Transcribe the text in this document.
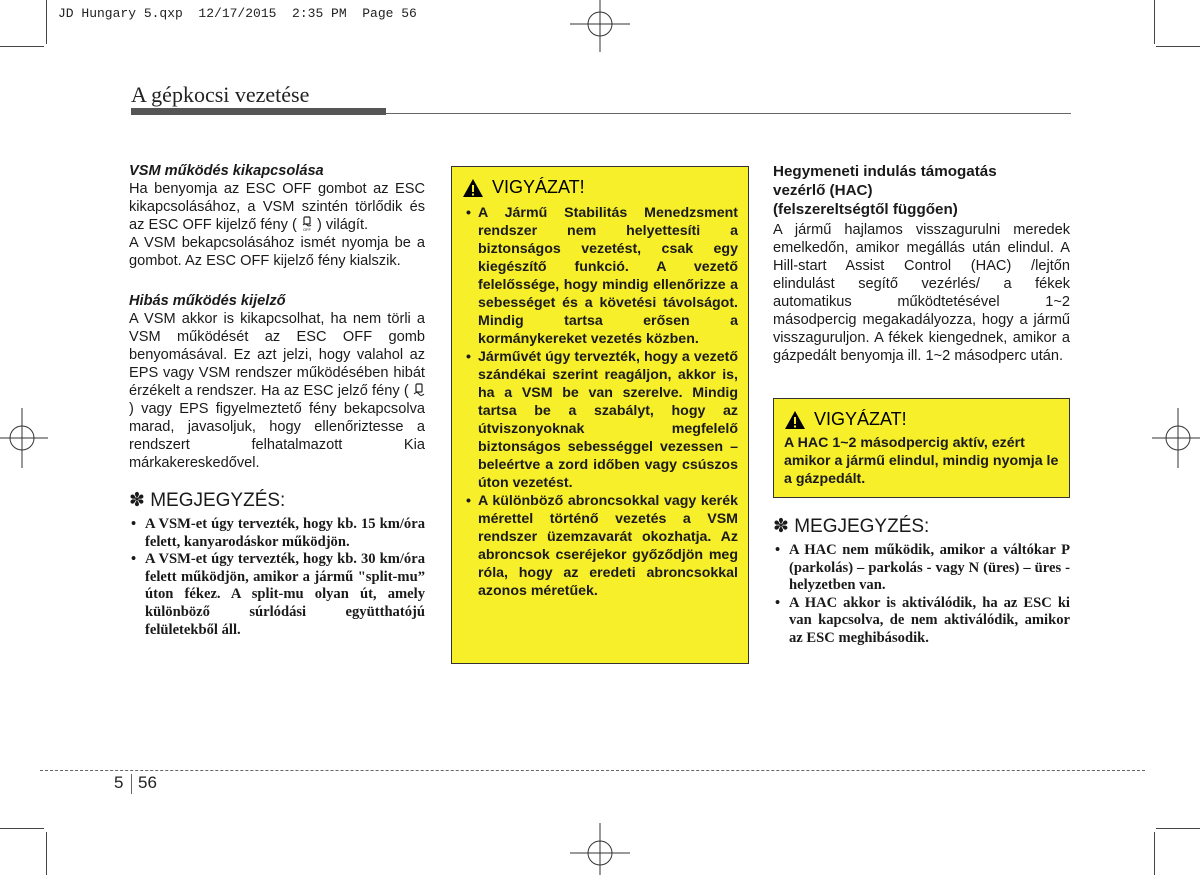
JD Hungary 5.qxp  12/17/2015  2:35 PM  Page 56
A gépkocsi vezetése

VSM működés kikapcsolása

Ha benyomja az ESC OFF gombot az ESC kikapcsolásához, a VSM szintén törlődik és az ESC OFF kijelző fény ( OFF ) világít.

A VSM bekapcsolásához ismét nyomja be a gombot. Az ESC OFF kijelző fény kialszik.

Hibás működés kijelző

A VSM akkor is kikapcsolhat, ha nem törli a VSM működését az ESC OFF gomb benyomásával. Ez azt jelzi, hogy valahol az EPS vagy VSM rendszer működésében hibát érzékelt a rendszer. Ha az ESC jelző fény (  ) vagy EPS figyelmeztető fény bekapcsolva marad, javasoljuk, hogy ellenőriztesse a rendszert felhatalmazott Kia márkakereskedővel.

✽ MEGJEGYZÉS:

• A VSM-et úgy tervezték, hogy kb. 15 km/óra felett, kanyarodáskor működjön.
• A VSM-et úgy tervezték, hogy kb. 30 km/óra felett működjön, amikor a jármű "split-mu” úton fékez. A split-mu olyan út, amely különböző súrlódási együtthatójú felületekből áll.
VIGYÁZAT!
• A Jármű Stabilitás Menedzsment rendszer nem helyettesíti a biztonságos vezetést, csak egy kiegészítő funkció. A vezető felelőssége, hogy mindig ellenőrizze a sebességet és a követési távolságot. Mindig tartsa erősen a kormánykereket vezetés közben.
• Járművét úgy tervezték, hogy a vezető szándékai szerint reagáljon, akkor is, ha a VSM be van szerelve. Mindig tartsa be a szabályt, hogy az útviszonyoknak megfelelő biztonságos sebességgel vezessen – beleértve a zord időben vagy csúszos úton vezetést.
• A különböző abroncsokkal vagy kerék mérettel történő vezetés a VSM rendszer üzemzavarát okozhatja. Az abroncsok cseréjekor győződjön meg róla, hogy az eredeti abroncsokkal azonos méretűek.

Hegymeneti indulás támogatás
vezérlő (HAC)
(felszereltségtől függően)

A jármű hajlamos visszagurulni meredek emelkedőn, amikor megállás után elindul. A Hill-start Assist Control (HAC) /lejtőn elindulást segítő vezérlés/ a fékek automatikus működtetésével 1~2 másodpercig megakadályozza, hogy a jármű visszaguruljon. A fékek kiengednek, amikor a gázpedált benyomja ill. 1~2 másodperc után.

VIGYÁZAT!

A HAC 1~2 másodpercig aktív, ezért amikor a jármű elindul, mindig nyomja le a gázpedált.

✽ MEGJEGYZÉS:

• A HAC nem működik, amikor a váltókar P (parkolás) – parkolás - vagy N (üres) – üres -helyzetben van.
• A HAC akkor is aktiválódik, ha az ESC ki van kapcsolva, de nem aktiválódik, amikor az ESC meghibásodik.
5 56
